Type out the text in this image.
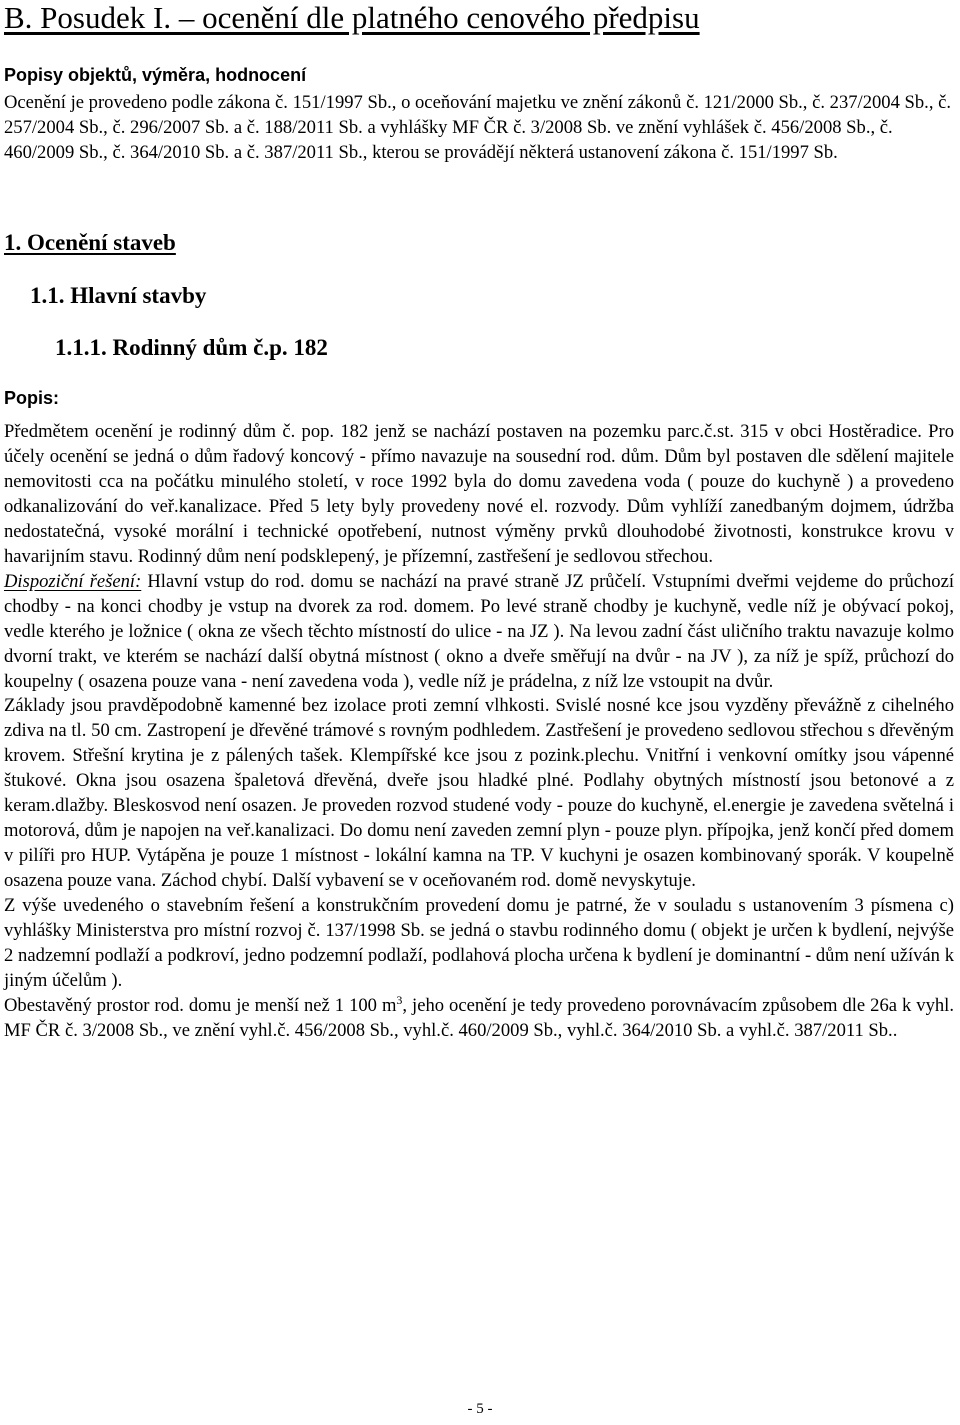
B. Posudek I. – ocenění dle platného cenového předpisu
Popisy objektů, výměra, hodnocení
Ocenění je provedeno podle zákona č. 151/1997 Sb., o oceňování majetku ve znění zákonů č. 121/2000 Sb., č. 237/2004 Sb., č. 257/2004 Sb., č. 296/2007 Sb. a č. 188/2011 Sb. a vyhlášky MF ČR č. 3/2008 Sb. ve znění vyhlášek č. 456/2008 Sb., č. 460/2009 Sb., č. 364/2010 Sb. a č. 387/2011 Sb., kterou se provádějí některá ustanovení zákona č. 151/1997 Sb.
1. Ocenění staveb
1.1. Hlavní stavby
1.1.1. Rodinný dům č.p. 182
Popis:

Předmětem ocenění je rodinný dům č. pop. 182 jenž se nachází postaven na pozemku parc.č.st. 315 v obci Hostěradice. Pro účely ocenění se jedná o dům řadový koncový - přímo navazuje na sousední rod. dům. Dům byl postaven dle sdělení majitele nemovitosti cca na počátku minulého století, v roce 1992 byla do domu zavedena voda ( pouze do kuchyně ) a provedeno odkanalizování do veř.kanalizace. Před 5 lety byly provedeny nové el. rozvody. Dům vyhlíží zanedbaným dojmem, údržba nedostatečná, vysoké morální i technické opotřebení, nutnost výměny prvků dlouhodobé životnosti, konstrukce krovu v havarijním stavu. Rodinný dům není podsklepený, je přízemní, zastřešení je sedlovou střechou.

Dispoziční řešení: Hlavní vstup do rod. domu se nachází na pravé straně JZ průčelí. Vstupními dveřmi vejdeme do průchozí chodby - na konci chodby je vstup na dvorek za rod. domem. Po levé straně chodby je kuchyně, vedle níž je obývací pokoj, vedle kterého je ložnice ( okna ze všech těchto místností do ulice - na JZ ). Na levou zadní část uličního traktu navazuje kolmo dvorní trakt, ve kterém se nachází další obytná místnost ( okno a dveře směřují na dvůr - na JV ), za níž je spíž, průchozí do koupelny ( osazena pouze vana - není zavedena voda ), vedle níž je prádelna, z níž lze vstoupit na dvůr.

Základy jsou pravděpodobně kamenné bez izolace proti zemní vlhkosti. Svislé nosné kce jsou vyzděny převážně z cihelného zdiva na tl. 50 cm. Zastropení je dřevěné trámové s rovným podhledem. Zastřešení je provedeno sedlovou střechou s dřevěným krovem. Střešní krytina je z pálených tašek. Klempířské kce jsou z pozink.plechu. Vnitřní i venkovní omítky jsou vápenné štukové. Okna jsou osazena špaletová dřevěná, dveře jsou hladké plné. Podlahy obytných místností jsou betonové a z keram.dlažby. Bleskosvod není osazen. Je proveden rozvod studené vody - pouze do kuchyně, el.energie je zavedena světelná i motorová, dům je napojen na veř.kanalizaci. Do domu není zaveden zemní plyn - pouze plyn. přípojka, jenž končí před domem v pilíři pro HUP. Vytápěna je pouze 1 místnost - lokální kamna na TP. V kuchyni je osazen kombinovaný sporák. V koupelně osazena pouze vana. Záchod chybí. Další vybavení se v oceňovaném rod. domě nevyskytuje.

Z výše uvedeného o stavebním řešení a konstrukčním provedení domu je patrné, že v souladu s ustanovením 3 písmena c) vyhlášky Ministerstva pro místní rozvoj č. 137/1998 Sb. se jedná o stavbu rodinného domu ( objekt je určen k bydlení, nejvýše 2 nadzemní podlaží a podkroví, jedno podzemní podlaží, podlahová plocha určena k bydlení je dominantní - dům není užíván k jiným účelům ).

Obestavěný prostor rod. domu je menší než 1 100 $m^3$, jeho ocenění je tedy provedeno porovnávacím způsobem dle 26a k vyhl. MF ČR č. 3/2008 Sb., ve znění vyhl.č. 456/2008 Sb., vyhl.č. 460/2009 Sb., vyhl.č. 364/2010 Sb. a vyhl.č. 387/2011 Sb..

- 5 -
